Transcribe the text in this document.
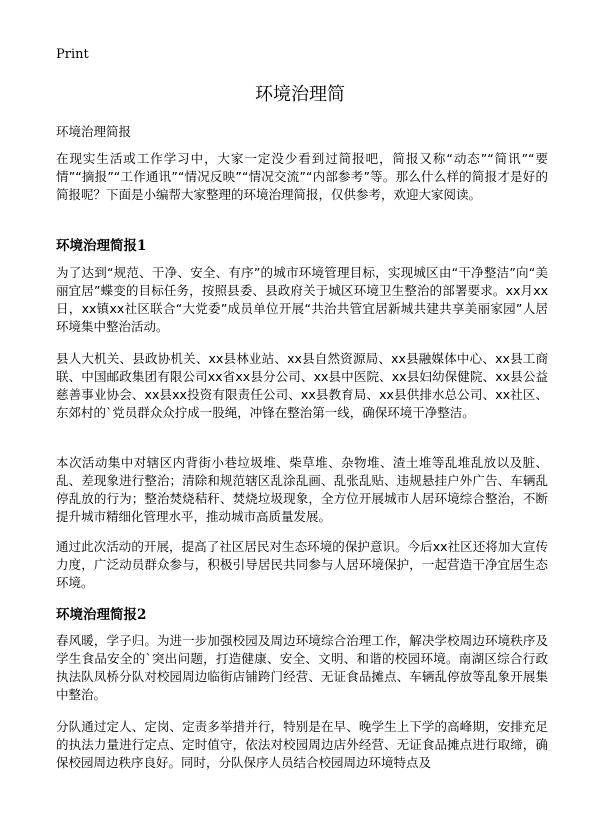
Print
环境治理简
环境治理简报

在现实生活或工作学习中，大家一定没少看到过简报吧，简报又称“动态”“简讯”“要情”“摘报”“工作通讯”“情况反映”“情况交流”“内部参考”等。那么什么样的简报才是好的简报呢？下面是小编帮大家整理的环境治理简报，仅供参考，欢迎大家阅读。

环境治理简报1

为了达到“规范、干净、安全、有序”的城市环境管理目标，实现城区由“干净整洁”向“美丽宜居”蝶变的目标任务，按照县委、县政府关于城区环境卫生整治的部署要求。xx月xx日，xx镇xx社区联合“大党委”成员单位开展“共治共管宜居新城共建共享美丽家园”人居环境集中整治活动。

县人大机关、县政协机关、xx县林业站、xx县自然资源局、xx县融媒体中心、xx县工商联、中国邮政集团有限公司xx省xx县分公司、xx县中医院、xx县妇幼保健院、xx县公益慈善事业协会、xx县xx投资有限责任公司、xx县教育局、xx县供排水总公司、xx社区、东郊村的`党员群众众拧成一股绳，冲锋在整治第一线，确保环境干净整洁。

本次活动集中对辖区内背街小巷垃圾堆、柴草堆、杂物堆、渣土堆等乱堆乱放以及脏、乱、差现象进行整治；清除和规范辖区乱涂乱画、乱张乱贴、违规悬挂户外广告、车辆乱停乱放的行为；整治焚烧秸秆、焚烧垃圾现象，全方位开展城市人居环境综合整治，不断提升城市精细化管理水平，推动城市高质量发展。

通过此次活动的开展，提高了社区居民对生态环境的保护意识。今后xx社区还将加大宣传力度，广泛动员群众参与，积极引导居民共同参与人居环境保护，一起营造干净宜居生态环境。

环境治理简报2

春风暖，学子归。为进一步加强校园及周边环境综合治理工作，解决学校周边环境秩序及学生食品安全的`突出问题，打造健康、安全、文明、和谐的校园环境。南湖区综合行政执法队凤桥分队对校园周边临街店铺跨门经营、无证食品摊点、车辆乱停放等乱象开展集中整治。

分队通过定人、定岗、定责多举措并行，特别是在早、晚学生上下学的高峰期，安排充足的执法力量进行定点、定时值守，依法对校园周边店外经营、无证食品摊点进行取缔，确保校园周边秩序良好。同时，分队保序人员结合校园周边环境特点及
